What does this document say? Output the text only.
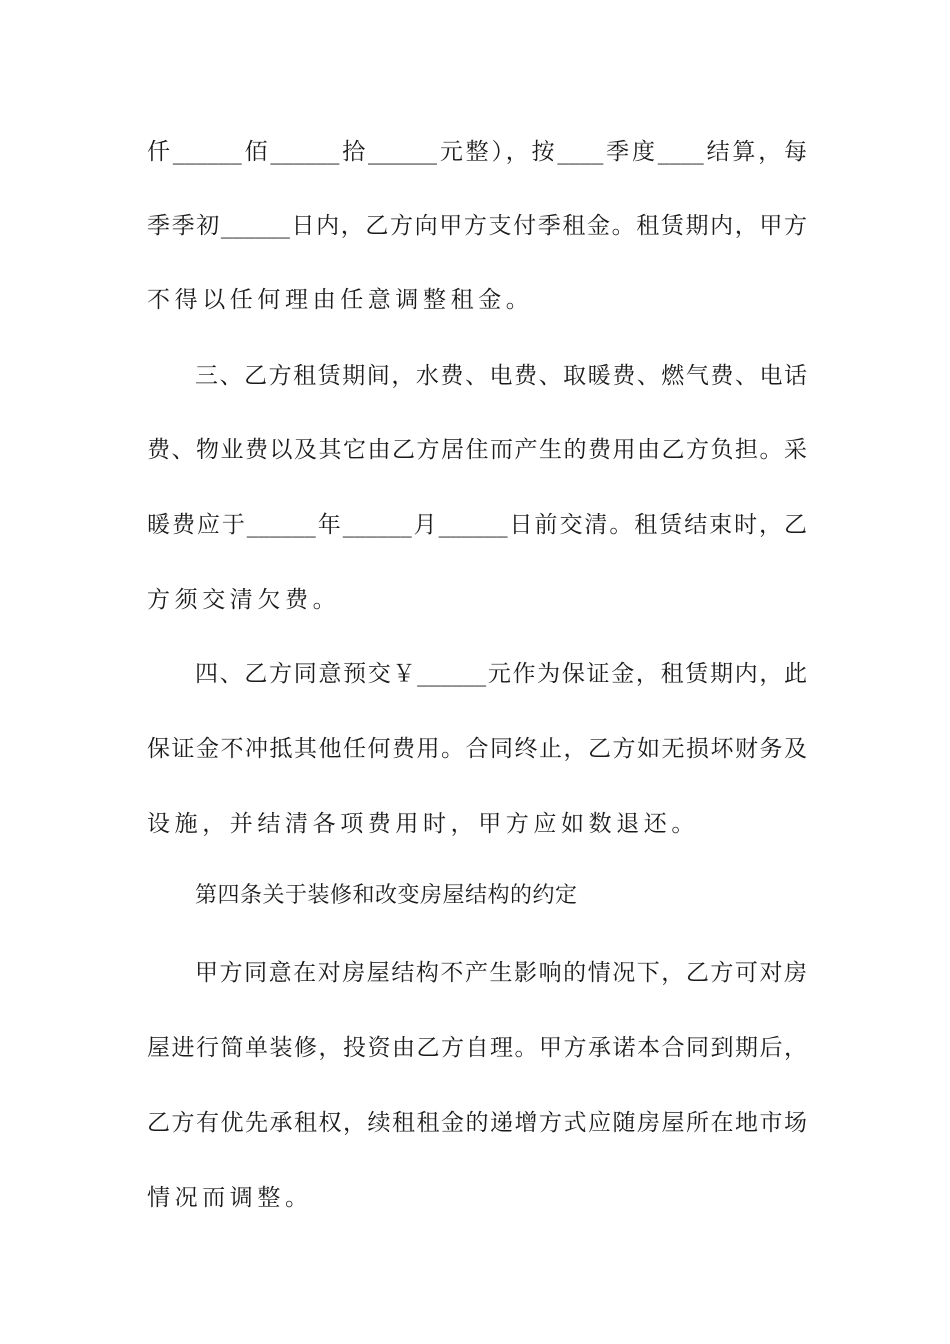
仟______佰______拾______元整），按____季度____结算，每
季季初______日内，乙方向甲方支付季租金。租赁期内，甲方
不得以任何理由任意调整租金。
三、乙方租赁期间，水费、电费、取暖费、燃气费、电话
费、物业费以及其它由乙方居住而产生的费用由乙方负担。采
暖费应于______年______月______日前交清。租赁结束时，乙
方须交清欠费。
四、乙方同意预交￥______元作为保证金，租赁期内，此
保证金不冲抵其他任何费用。合同终止，乙方如无损坏财务及
设施，并结清各项费用时，甲方应如数退还。
第四条关于装修和改变房屋结构的约定
甲方同意在对房屋结构不产生影响的情况下，乙方可对房
屋进行简单装修，投资由乙方自理。甲方承诺本合同到期后，
乙方有优先承租权，续租租金的递增方式应随房屋所在地市场
情况而调整。
